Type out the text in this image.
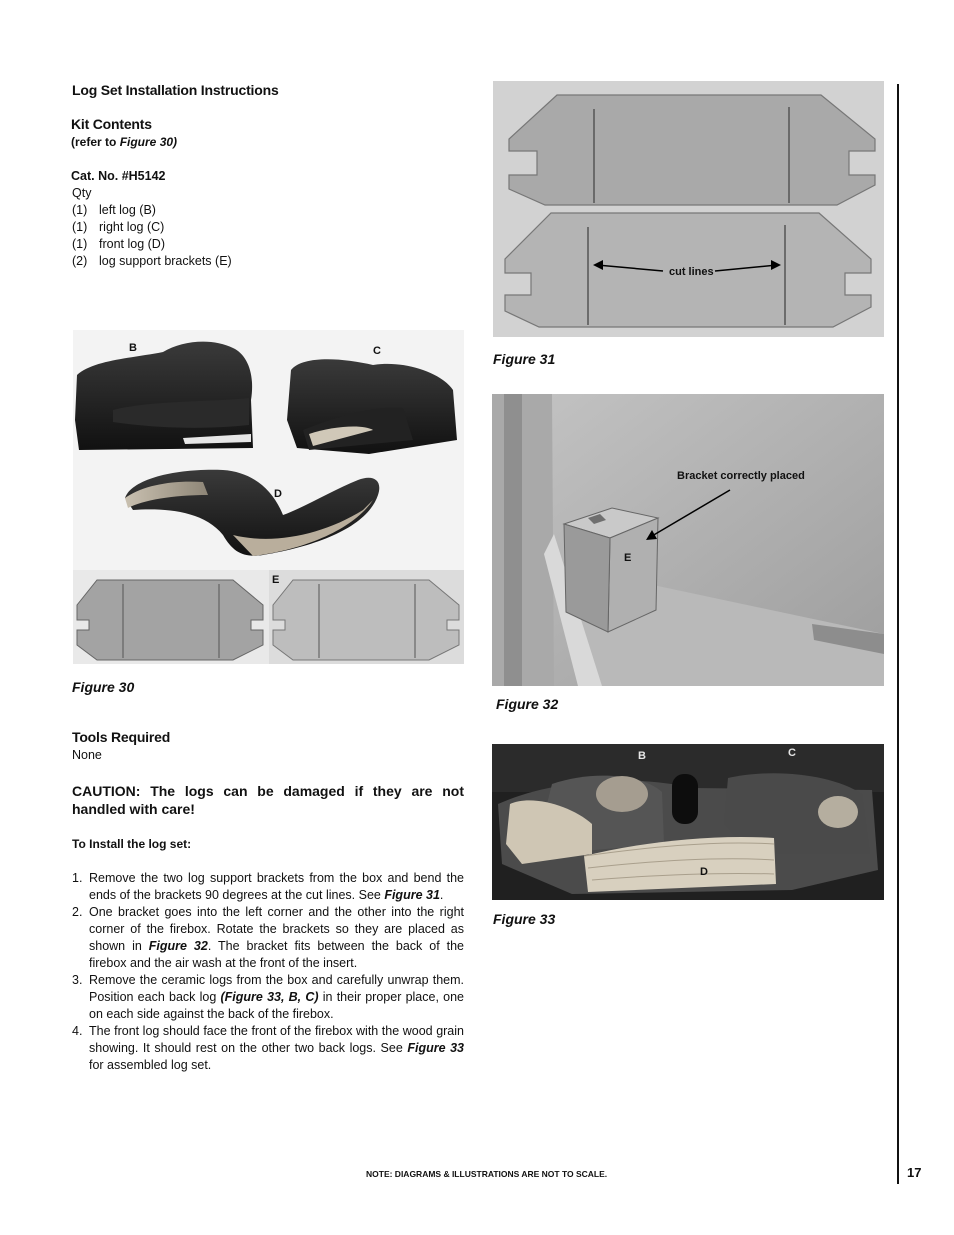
Log Set Installation Instructions
Kit Contents
(refer to Figure 30)
Cat. No. #H5142
Qty
(1) left log (B)
(1) right log (C)
(1) front log (D)
(2) log support brackets (E)
B	C
D
E
Figure 30
Tools Required
None
CAUTION: The logs can be damaged if they are not handled with care!
To Install the log set:
1. Remove the two log support brackets from the box and bend the ends of the brackets 90 degrees at the cut lines. See Figure 31.
2. One bracket goes into the left corner and the other into the right corner of the firebox. Rotate the brackets so they are placed as shown in Figure 32. The bracket fits between the back of the firebox and the air wash at the front of the insert.
3. Remove the ceramic logs from the box and carefully unwrap them. Position each back log (Figure 33, B, C) in their proper place, one on each side against the back of the firebox.
4. The front log should face the front of the firebox with the wood grain showing. It should rest on the other two back logs. See Figure 33 for assembled log set.
cut lines
Figure 31
Bracket correctly placed
E
Figure 32
B	C
D
Figure 33
NOTE: DIAGRAMS & ILLUSTRATIONS ARE NOT TO SCALE.	17
